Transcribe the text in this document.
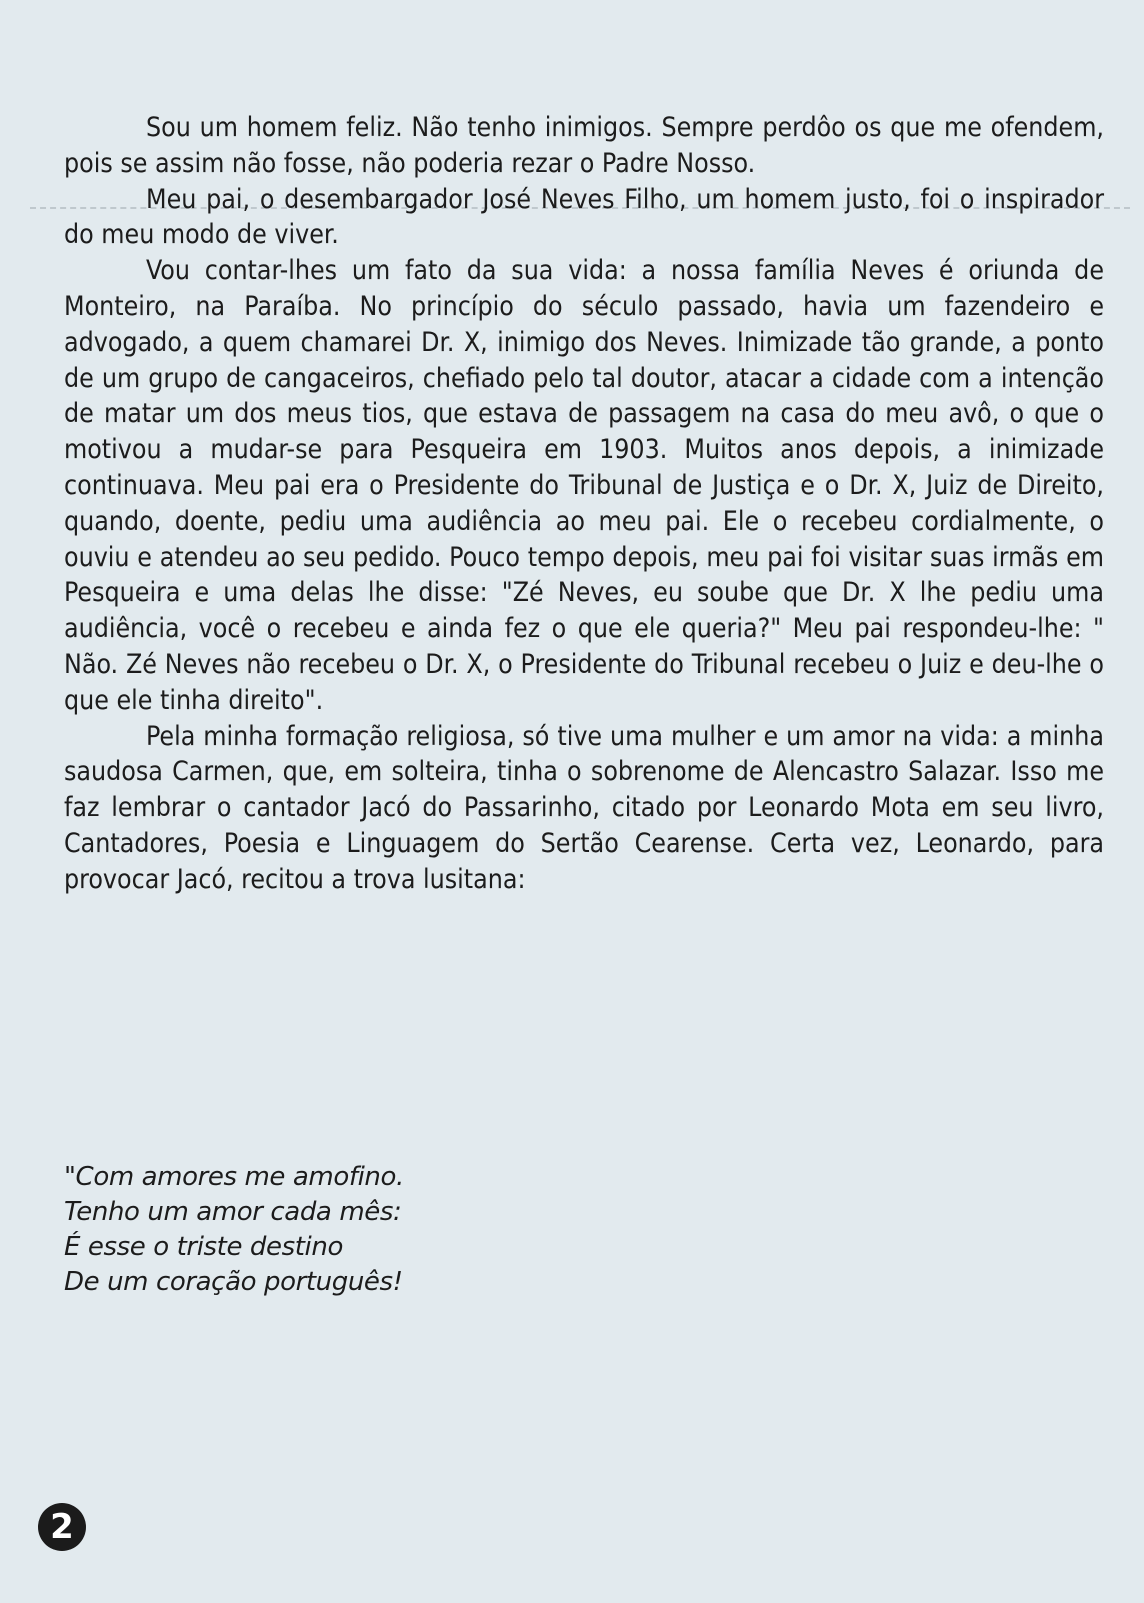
Sou um homem feliz. Não tenho inimigos. Sempre perdôo os que me ofendem, pois se assim não fosse, não poderia rezar o Padre Nosso.

Meu pai, o desembargador José Neves Filho, um homem justo, foi o inspirador do meu modo de viver.

Vou contar-lhes um fato da sua vida: a nossa família Neves é oriunda de Monteiro, na Paraíba. No princípio do século passado, havia um fazendeiro e advogado, a quem chamarei Dr. X, inimigo dos Neves. Inimizade tão grande, a ponto de um grupo de cangaceiros, chefiado pelo tal doutor, atacar a cidade com a intenção de matar um dos meus tios, que estava de passagem na casa do meu avô, o que o motivou a mudar-se para Pesqueira em 1903. Muitos anos depois, a inimizade continuava. Meu pai era o Presidente do Tribunal de Justiça e o Dr. X, Juiz de Direito, quando, doente, pediu uma audiência ao meu pai. Ele o recebeu cordialmente, o ouviu e atendeu ao seu pedido. Pouco tempo depois, meu pai foi visitar suas irmãs em Pesqueira e uma delas lhe disse: "Zé Neves, eu soube que Dr. X lhe pediu uma audiência, você o recebeu e ainda fez o que ele queria?" Meu pai respondeu-lhe: " Não. Zé Neves não recebeu o Dr. X, o Presidente do Tribunal recebeu o Juiz e deu-lhe o que ele tinha direito".

Pela minha formação religiosa, só tive uma mulher e um amor na vida: a minha saudosa Carmen, que, em solteira, tinha o sobrenome de Alencastro Salazar. Isso me faz lembrar o cantador Jacó do Passarinho, citado por Leonardo Mota em seu livro, Cantadores, Poesia e Linguagem do Sertão Cearense. Certa vez, Leonardo, para provocar Jacó, recitou a trova lusitana:

"Com amores me amofino.
Tenho um amor cada mês:
É esse o triste destino
De um coração português!
2
